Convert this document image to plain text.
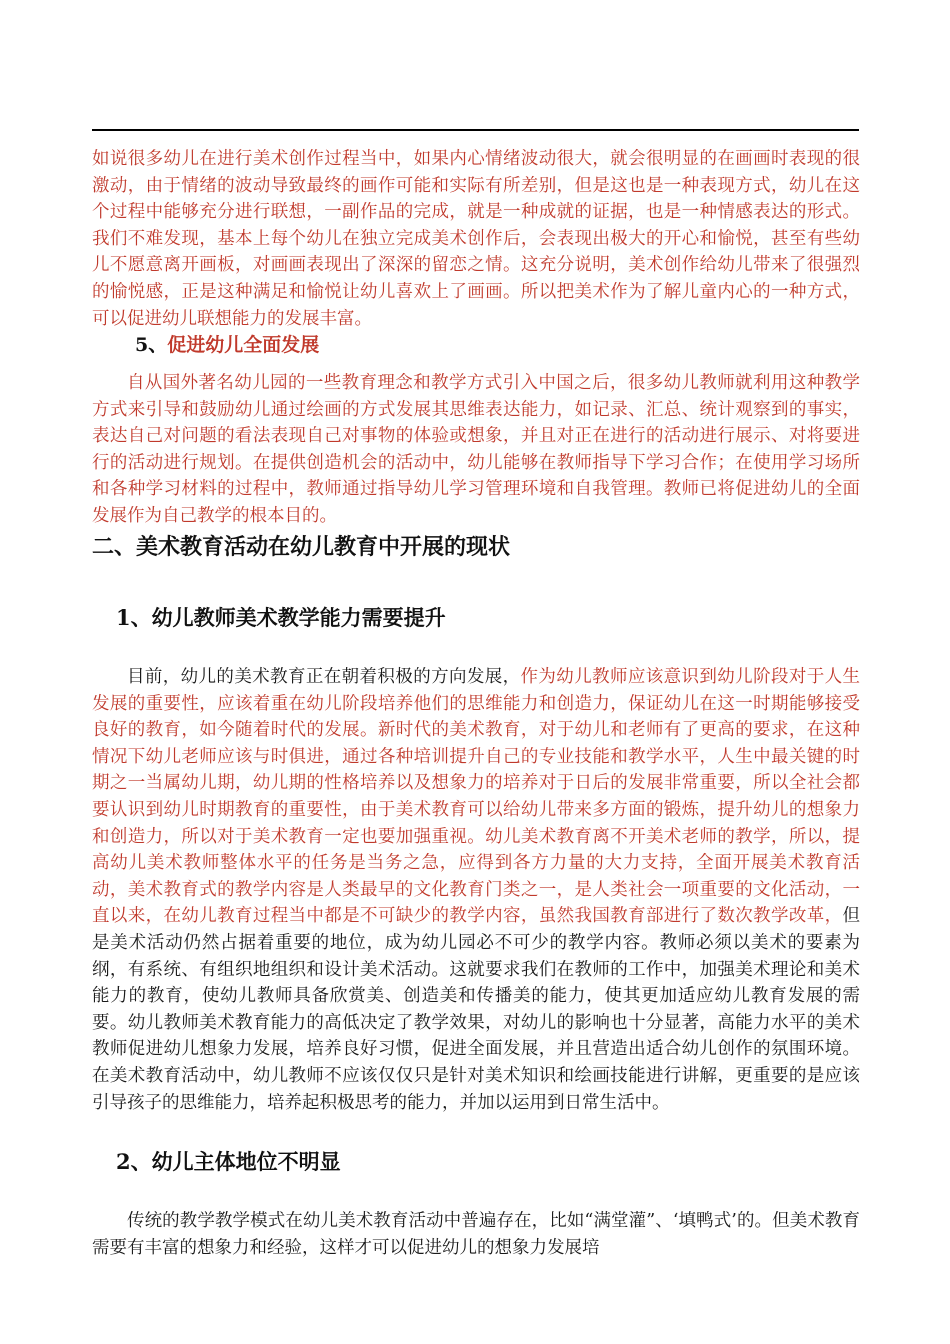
如说很多幼儿在进行美术创作过程当中，如果内心情绪波动很大，就会很明显的在画画时表现的很激动，由于情绪的波动导致最终的画作可能和实际有所差别，但是这也是一种表现方式，幼儿在这个过程中能够充分进行联想，一副作品的完成，就是一种成就的证据，也是一种情感表达的形式。我们不难发现，基本上每个幼儿在独立完成美术创作后，会表现出极大的开心和愉悦，甚至有些幼儿不愿意离开画板，对画画表现出了深深的留恋之情。这充分说明，美术创作给幼儿带来了很强烈的愉悦感，正是这种满足和愉悦让幼儿喜欢上了画画。所以把美术作为了解儿童内心的一种方式，可以促进幼儿联想能力的发展丰富。

5、促进幼儿全面发展

自从国外著名幼儿园的一些教育理念和教学方式引入中国之后，很多幼儿教师就利用这种教学方式来引导和鼓励幼儿通过绘画的方式发展其思维表达能力，如记录、汇总、统计观察到的事实，表达自己对问题的看法表现自己对事物的体验或想象，并且对正在进行的活动进行展示、对将要进行的活动进行规划。在提供创造机会的活动中，幼儿能够在教师指导下学习合作；在使用学习场所和各种学习材料的过程中，教师通过指导幼儿学习管理环境和自我管理。教师已将促进幼儿的全面发展作为自己教学的根本目的。

二、美术教育活动在幼儿教育中开展的现状
1、幼儿教师美术教学能力需要提升

目前，幼儿的美术教育正在朝着积极的方向发展，作为幼儿教师应该意识到幼儿阶段对于人生发展的重要性，应该着重在幼儿阶段培养他们的思维能力和创造力，保证幼儿在这一时期能够接受良好的教育，如今随着时代的发展。新时代的美术教育，对于幼儿和老师有了更高的要求，在这种情况下幼儿老师应该与时俱进，通过各种培训提升自己的专业技能和教学水平，人生中最关键的时期之一当属幼儿期，幼儿期的性格培养以及想象力的培养对于日后的发展非常重要，所以全社会都要认识到幼儿时期教育的重要性，由于美术教育可以给幼儿带来多方面的锻炼，提升幼儿的想象力和创造力，所以对于美术教育一定也要加强重视。幼儿美术教育离不开美术老师的教学，所以，提高幼儿美术教师整体水平的任务是当务之急，应得到各方力量的大力支持，全面开展美术教育活动，美术教育式的教学内容是人类最早的文化教育门类之一，是人类社会一项重要的文化活动，一直以来，在幼儿教育过程当中都是不可缺少的教学内容，虽然我国教育部进行了数次教学改革，但是美术活动仍然占据着重要的地位，成为幼儿园必不可少的教学内容。教师必须以美术的要素为纲，有系统、有组织地组织和设计美术活动。这就要求我们在教师的工作中，加强美术理论和美术能力的教育，使幼儿教师具备欣赏美、创造美和传播美的能力，使其更加适应幼儿教育发展的需要。幼儿教师美术教育能力的高低决定了教学效果，对幼儿的影响也十分显著，高能力水平的美术教师促进幼儿想象力发展，培养良好习惯，促进全面发展，并且营造出适合幼儿创作的氛围环境。在美术教育活动中，幼儿教师不应该仅仅只是针对美术知识和绘画技能进行讲解，更重要的是应该引导孩子的思维能力，培养起积极思考的能力，并加以运用到日常生活中。

2、幼儿主体地位不明显

传统的教学教学模式在幼儿美术教育活动中普遍存在，比如“满堂灌”、‘填鸭式’的。但美术教育需要有丰富的想象力和经验，这样才可以促进幼儿的想象力发展培
